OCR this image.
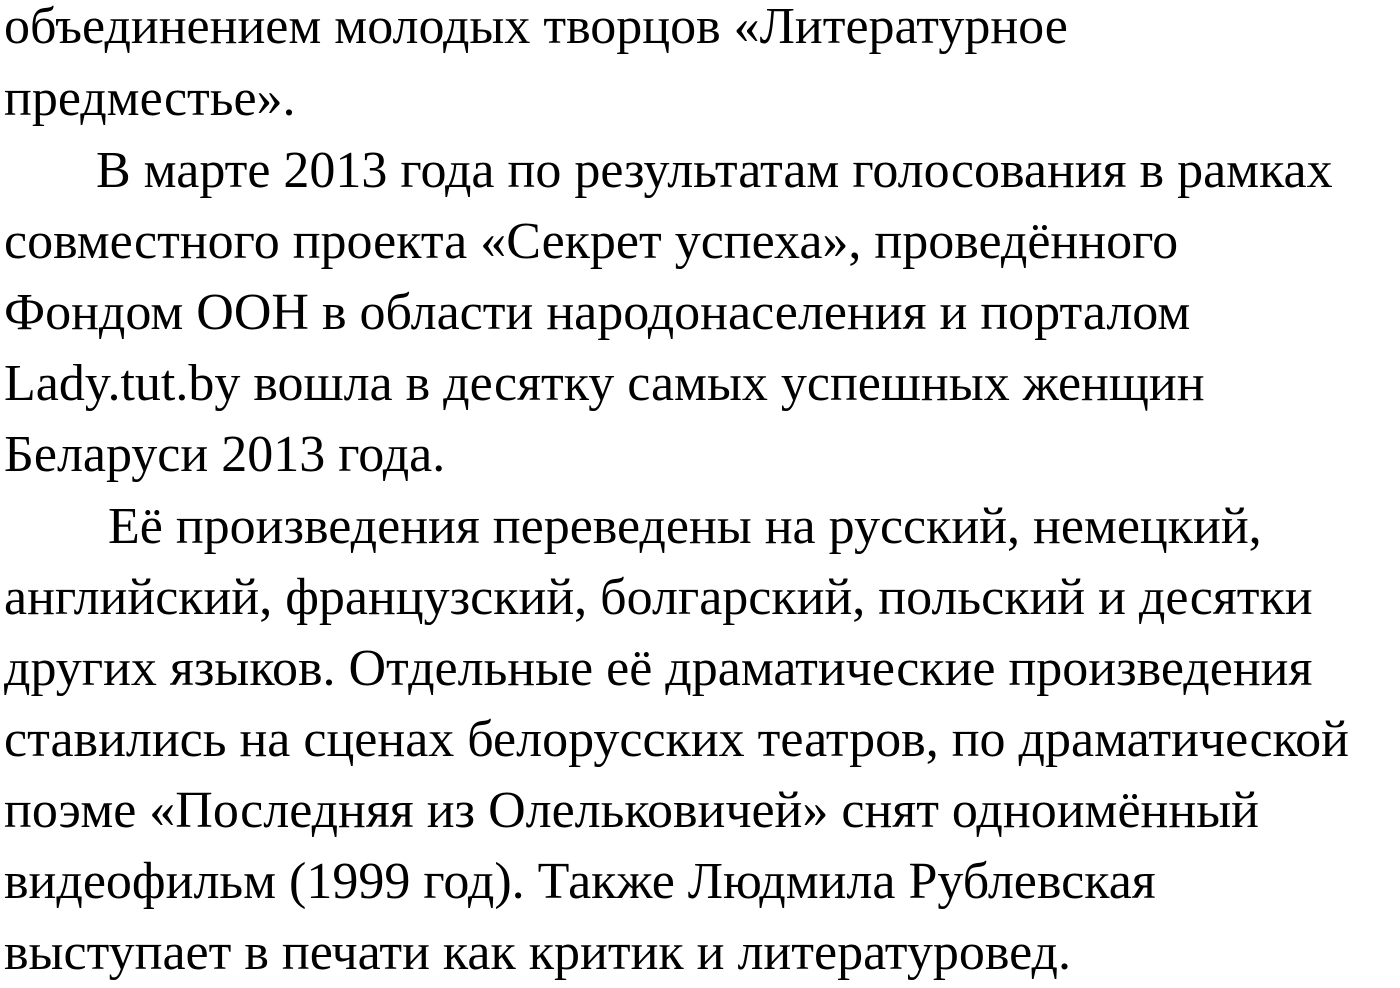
объединением молодых творцов «Литературное
предместье».
В марте 2013 года по результатам голосования в рамках
совместного проекта «Секрет успеха», проведённого
Фондом ООН в области народонаселения и порталом
Lady.tut.by вошла в десятку самых успешных женщин
Беларуси 2013 года.
Её произведения переведены на русский, немецкий,
английский, французский, болгарский, польский и десятки
других языков. Отдельные её драматические произведения
ставились на сценах белорусских театров, по драматической
поэме «Последняя из Олельковичей» снят одноимённый
видеофильм (1999 год). Также Людмила Рублевская
выступает в печати как критик и литературовед.
